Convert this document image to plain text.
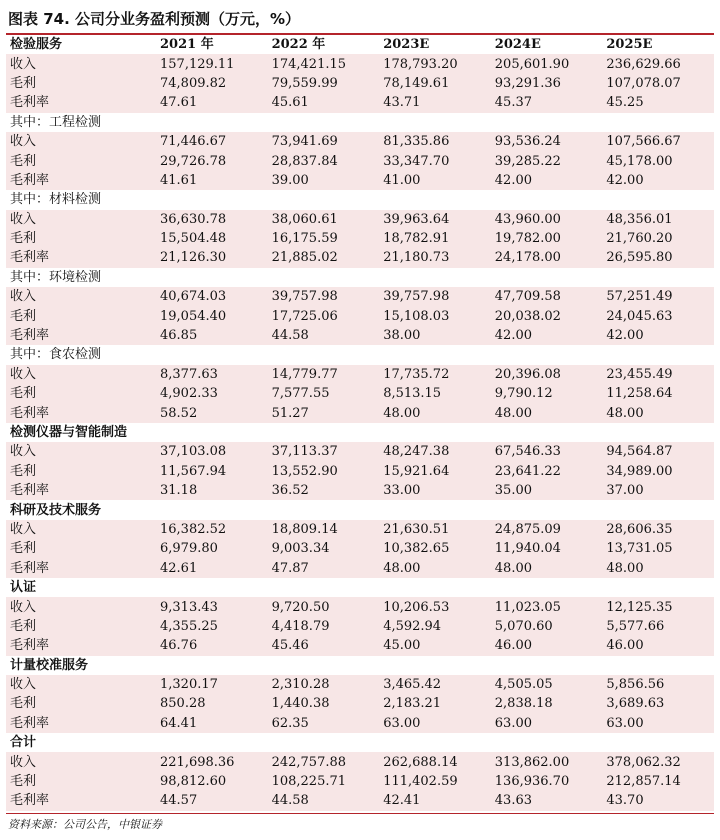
图表 74. 公司分业务盈利预测（万元，%）
检验服务	2021 年	2022 年	2023E	2024E	2025E
收入	157,129.11	174,421.15	178,793.20	205,601.90	236,629.66
毛利	74,809.82	79,559.99	78,149.61	93,291.36	107,078.07
毛利率	47.61	45.61	43.71	45.37	45.25
其中：工程检测					
收入	71,446.67	73,941.69	81,335.86	93,536.24	107,566.67
毛利	29,726.78	28,837.84	33,347.70	39,285.22	45,178.00
毛利率	41.61	39.00	41.00	42.00	42.00
其中：材料检测					
收入	36,630.78	38,060.61	39,963.64	43,960.00	48,356.01
毛利	15,504.48	16,175.59	18,782.91	19,782.00	21,760.20
毛利率	21,126.30	21,885.02	21,180.73	24,178.00	26,595.80
其中：环境检测					
收入	40,674.03	39,757.98	39,757.98	47,709.58	57,251.49
毛利	19,054.40	17,725.06	15,108.03	20,038.02	24,045.63
毛利率	46.85	44.58	38.00	42.00	42.00
其中：食农检测					
收入	8,377.63	14,779.77	17,735.72	20,396.08	23,455.49
毛利	4,902.33	7,577.55	8,513.15	9,790.12	11,258.64
毛利率	58.52	51.27	48.00	48.00	48.00
检测仪器与智能制造					
收入	37,103.08	37,113.37	48,247.38	67,546.33	94,564.87
毛利	11,567.94	13,552.90	15,921.64	23,641.22	34,989.00
毛利率	31.18	36.52	33.00	35.00	37.00
科研及技术服务					
收入	16,382.52	18,809.14	21,630.51	24,875.09	28,606.35
毛利	6,979.80	9,003.34	10,382.65	11,940.04	13,731.05
毛利率	42.61	47.87	48.00	48.00	48.00
认证					
收入	9,313.43	9,720.50	10,206.53	11,023.05	12,125.35
毛利	4,355.25	4,418.79	4,592.94	5,070.60	5,577.66
毛利率	46.76	45.46	45.00	46.00	46.00
计量校准服务					
收入	1,320.17	2,310.28	3,465.42	4,505.05	5,856.56
毛利	850.28	1,440.38	2,183.21	2,838.18	3,689.63
毛利率	64.41	62.35	63.00	63.00	63.00
合计					
收入	221,698.36	242,757.88	262,688.14	313,862.00	378,062.32
毛利	98,812.60	108,225.71	111,402.59	136,936.70	212,857.14
毛利率	44.57	44.58	42.41	43.63	43.70
资料来源：公司公告，中银证券
